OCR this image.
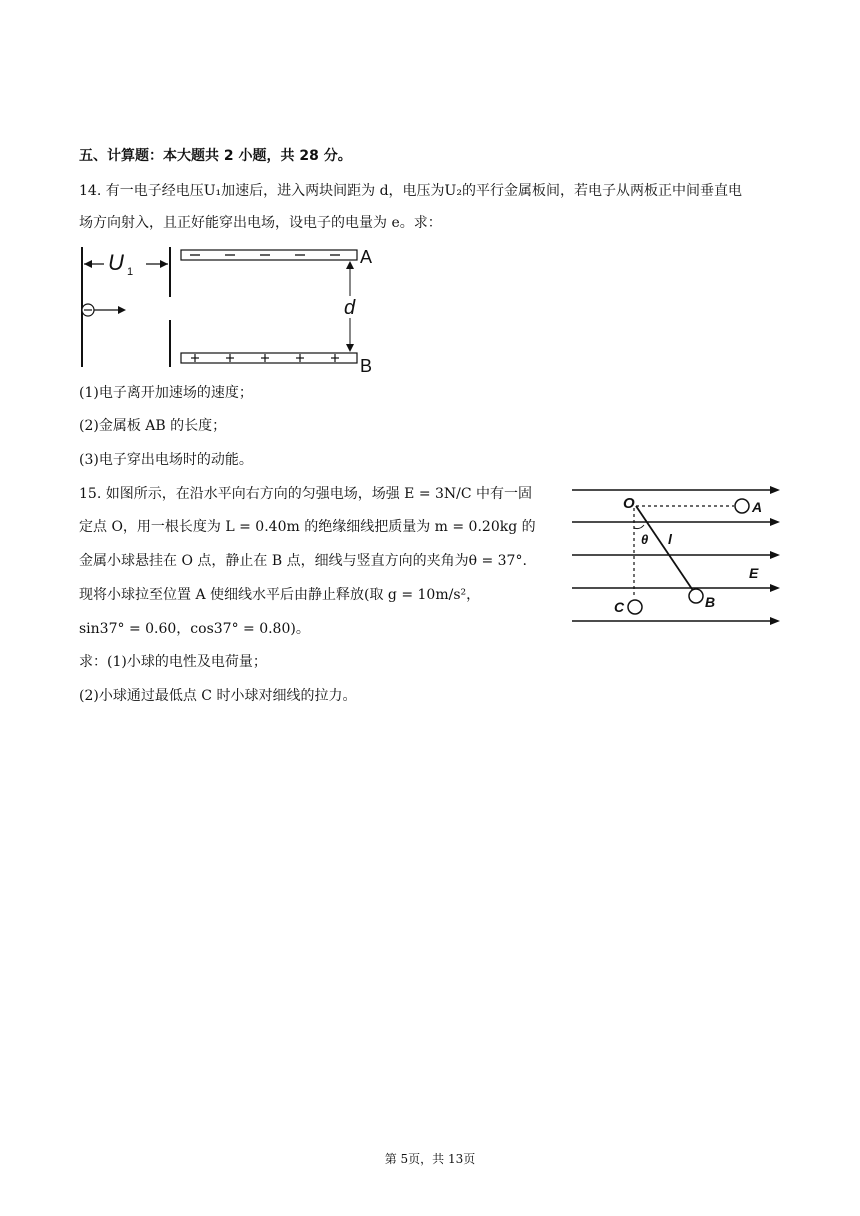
五、计算题：本大题共 2 小题，共 28 分。
14. 有一电子经电压U₁加速后，进入两块间距为 d，电压为U₂的平行金属板间，若电子从两板正中间垂直电
场方向射入，且正好能穿出电场，设电子的电量为 e。求：
U 1
A
B
d
(1)电子离开加速场的速度；
(2)金属板 AB 的长度；
(3)电子穿出电场时的动能。
15. 如图所示，在沿水平向右方向的匀强电场，场强 E = 3N/C 中有一固
定点 O，用一根长度为 L = 0.40m 的绝缘细线把质量为 m = 0.20kg 的
金属小球悬挂在 O 点，静止在 B 点，细线与竖直方向的夹角为θ = 37°.
现将小球拉至位置 A 使细线水平后由静止释放(取 g = 10m/s²，
sin37° = 0.60，cos37° = 0.80)。
求：(1)小球的电性及电荷量；
(2)小球通过最低点 C 时小球对细线的拉力。
O	A
θ l
B
C
E
第 5页，共 13页
